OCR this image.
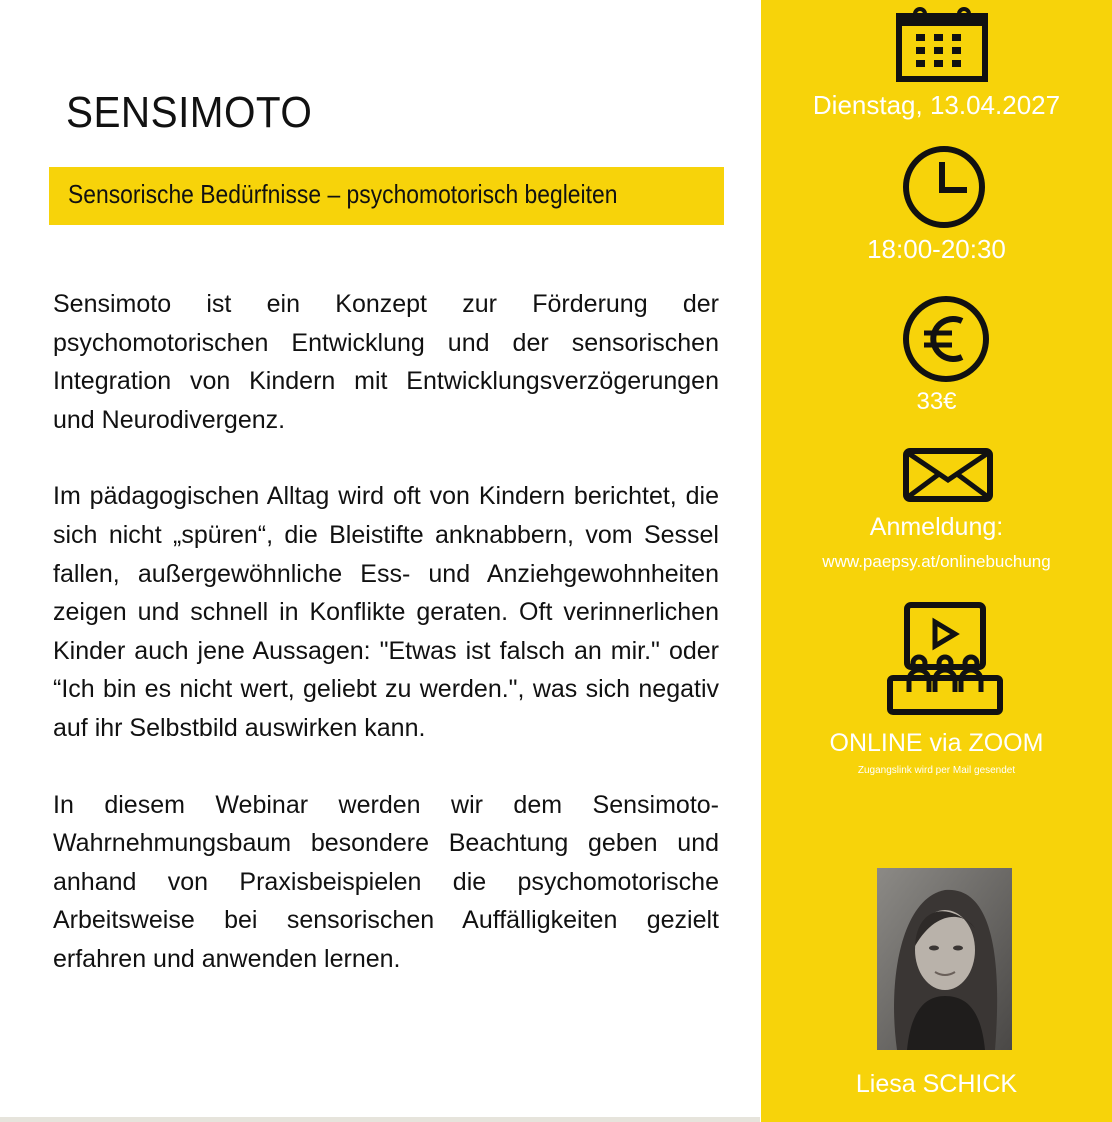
SENSIMOTO
Sensorische Bedürfnisse – psychomotorisch begleiten

Sensimoto ist ein Konzept zur Förderung der psychomotorischen Entwicklung und der sensorischen Integration von Kindern mit Entwicklungsverzögerungen und Neurodivergenz.

Im pädagogischen Alltag wird oft von Kindern berichtet, die sich nicht „spüren“, die Bleistifte anknabbern, vom Sessel fallen, außergewöhnliche Ess- und Anziehgewohnheiten zeigen und schnell in Konflikte geraten. Oft verinnerlichen Kinder auch jene Aussagen: "Etwas ist falsch an mir." oder “Ich bin es nicht wert, geliebt zu werden.", was sich negativ auf ihr Selbstbild auswirken kann.

In diesem Webinar werden wir dem Sensimoto-Wahrnehmungsbaum besondere Beachtung geben und anhand von Praxisbeispielen die psychomotorische Arbeitsweise bei sensorischen Auffälligkeiten gezielt erfahren und anwenden lernen.

Dienstag, 13.04.2027
18:00-20:30
33€
Anmeldung:
www.paepsy.at/onlinebuchung
ONLINE via ZOOM
Zugangslink wird per Mail gesendet
Liesa SCHICK
